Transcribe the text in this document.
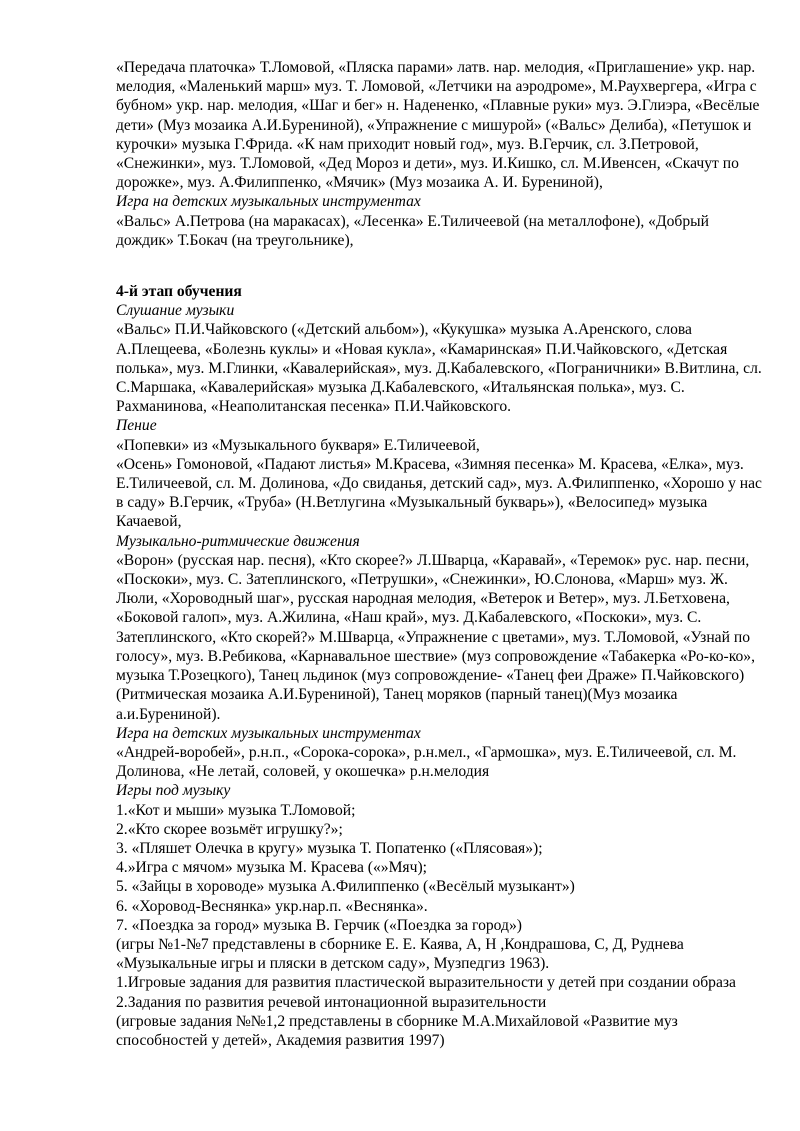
«Передача платочка» Т.Ломовой, «Пляска парами» латв. нар. мелодия, «Приглашение» укр. нар. мелодия, «Маленький марш» муз. Т. Ломовой, «Летчики на аэродроме», М.Раухвергера, «Игра с бубном» укр. нар. мелодия, «Шаг и бег» н. Надененко, «Плавные руки» муз. Э.Глиэра, «Весёлые дети» (Муз мозаика А.И.Бурениной), «Упражнение с мишурой» («Вальс» Делиба), «Петушок и курочки» музыка Г.Фрида. «К нам приходит новый год», муз. В.Герчик, сл. З.Петровой, «Снежинки», муз. Т.Ломовой, «Дед Мороз и дети», муз. И.Кишко, сл. М.Ивенсен, «Скачут по дорожке», муз. А.Филиппенко, «Мячик» (Муз мозаика А. И. Бурениной),

Игра на детских музыкальных инструментах

«Вальс» А.Петрова (на маракасах), «Лесенка» Е.Тиличеевой (на металлофоне), «Добрый дождик» Т.Бокач (на треугольнике),

4-й этап обучения

Слушание музыки

«Вальс» П.И.Чайковского («Детский альбом»), «Кукушка» музыка А.Аренского, слова А.Плещеева, «Болезнь куклы» и «Новая кукла», «Камаринская» П.И.Чайковского, «Детская полька», муз. М.Глинки, «Кавалерийская», муз. Д.Кабалевского, «Пограничники» В.Витлина, сл. С.Маршака, «Кавалерийская» музыка Д.Кабалевского, «Итальянская полька», муз. С. Рахманинова, «Неаполитанская песенка» П.И.Чайковского.

Пение

«Попевки» из «Музыкального букваря» Е.Тиличеевой,

«Осень» Гомоновой, «Падают листья» М.Красева, «Зимняя песенка» М. Красева, «Елка», муз. Е.Тиличеевой, сл. М. Долинова, «До свиданья, детский сад», муз. А.Филиппенко, «Хорошо у нас в саду» В.Герчик, «Труба» (Н.Ветлугина «Музыкальный букварь»), «Велосипед» музыка Качаевой,

Музыкально-ритмические движения

«Ворон» (русская нар. песня), «Кто скорее?» Л.Шварца, «Каравай», «Теремок» рус. нар. песни, «Поскоки», муз. С. Затеплинского, «Петрушки», «Снежинки», Ю.Слонова, «Марш» муз. Ж. Люли, «Хороводный шаг», русская народная мелодия, «Ветерок и Ветер», муз. Л.Бетховена, «Боковой галоп», муз. А.Жилина, «Наш край», муз. Д.Кабалевского, «Поскоки», муз. С. Затеплинского, «Кто скорей?» М.Шварца, «Упражнение с цветами», муз. Т.Ломовой, «Узнай по голосу», муз. В.Ребикова, «Карнавальное шествие» (муз сопровождение «Табакерка «Ро-ко-ко», музыка Т.Розецкого), Танец льдинок (муз сопровождение- «Танец феи Драже» П.Чайковского) (Ритмическая мозаика А.И.Бурениной), Танец моряков (парный танец)(Муз мозаика а.и.Бурениной).

Игра на детских музыкальных инструментах

«Андрей-воробей», р.н.п., «Сорока-сорока», р.н.мел., «Гармошка», муз. Е.Тиличеевой, сл. М. Долинова, «Не летай, соловей, у окошечка» р.н.мелодия

Игры под музыку

1.«Кот и мыши» музыка Т.Ломовой;

2.«Кто скорее возьмёт игрушку?»;

3. «Пляшет Олечка в кругу» музыка Т. Попатенко («Плясовая»);

4.»Игра с мячом» музыка М. Красева («»Мяч);

5. «Зайцы в хороводе» музыка А.Филиппенко («Весёлый музыкант»)

6. «Хоровод-Веснянка» укр.нар.п. «Веснянка».

7. «Поездка за город» музыка В. Герчик («Поездка за город»)

(игры №1-№7 представлены в сборнике Е. Е. Каява, А, Н ,Кондрашова, С, Д, Руднева «Музыкальные игры и пляски в детском саду», Музпедгиз 1963).

1.Игровые задания для развития пластической выразительности у детей при создании образа

2.Задания по развития речевой интонационной выразительности

(игровые задания №№1,2 представлены в сборнике М.А.Михайловой «Развитие муз способностей у детей», Академия развития 1997)
